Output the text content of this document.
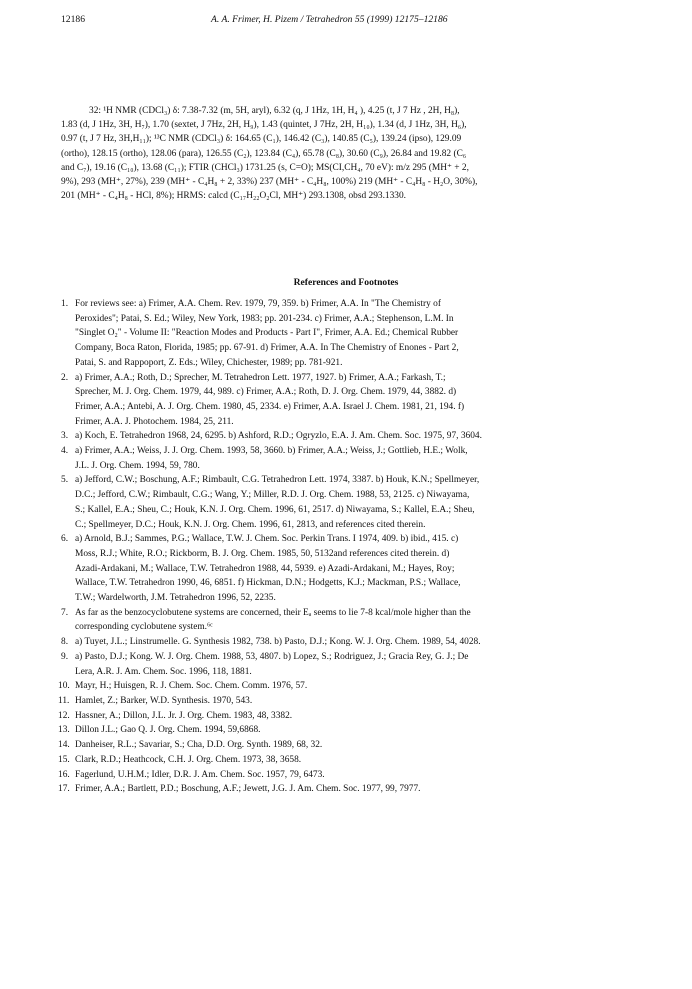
12186	A. A. Frimer, H. Pizem / Tetrahedron 55 (1999) 12175–12186
32: ¹H NMR (CDCl₃) δ: 7.38-7.32 (m, 5H, aryl), 6.32 (q, J 1Hz, 1H, H₄ ), 4.25 (t, J 7 Hz , 2H, H₈),
1.83 (d, J 1Hz, 3H, H₇), 1.70 (sextet, J 7Hz, 2H, H₉), 1.43 (quintet, J 7Hz, 2H, H₁₀), 1.34 (d, J 1Hz, 3H, H₆),
0.97 (t, J 7 Hz, 3H,H₁₁); ¹³C NMR (CDCl₃) δ: 164.65 (C₁), 146.42 (C₃), 140.85 (C₅), 139.24 (ipso), 129.09
(ortho), 128.15 (ortho), 128.06 (para), 126.55 (C₂), 123.84 (C₄), 65.78 (C₈), 30.60 (C₉), 26.84 and 19.82 (C₆
and C₇), 19.16 (C₁₀), 13.68 (C₁₁); FTIR (CHCl₃) 1731.25 (s, C=O); MS(CI,CH₄, 70 eV): m/z 295 (MH⁺ + 2,
9%), 293 (MH⁺, 27%), 239 (MH⁺ - C₄H₈ + 2, 33%) 237 (MH⁺ - C₄H₈, 100%) 219 (MH⁺ - C₄H₈ - H₂O, 30%),
201 (MH⁺ - C₄H₈ - HCl, 8%); HRMS: calcd (C₁₇H₂₂O₂Cl, MH⁺) 293.1308, obsd 293.1330.
References and Footnotes
1. For reviews see: a) Frimer, A.A. Chem. Rev. 1979, 79, 359. b) Frimer, A.A. In "The Chemistry of
Peroxides"; Patai, S. Ed.; Wiley, New York, 1983; pp. 201-234. c) Frimer, A.A.; Stephenson, L.M. In
"Singlet O₂" - Volume II: "Reaction Modes and Products - Part I", Frimer, A.A. Ed.; Chemical Rubber
Company, Boca Raton, Florida, 1985; pp. 67-91. d) Frimer, A.A. In The Chemistry of Enones - Part 2,
Patai, S. and Rappoport, Z. Eds.; Wiley, Chichester, 1989; pp. 781-921.
2. a) Frimer, A.A.; Roth, D.; Sprecher, M. Tetrahedron Lett. 1977, 1927. b) Frimer, A.A.; Farkash, T.;
Sprecher, M. J. Org. Chem. 1979, 44, 989. c) Frimer, A.A.; Roth, D. J. Org. Chem. 1979, 44, 3882. d)
Frimer, A.A.; Antebi, A. J. Org. Chem. 1980, 45, 2334. e) Frimer, A.A. Israel J. Chem. 1981, 21, 194. f)
Frimer, A.A. J. Photochem. 1984, 25, 211.
3. a) Koch, E. Tetrahedron 1968, 24, 6295. b) Ashford, R.D.; Ogryzlo, E.A. J. Am. Chem. Soc. 1975, 97, 3604.
4. a) Frimer, A.A.; Weiss, J. J. Org. Chem. 1993, 58, 3660. b) Frimer, A.A.; Weiss, J.; Gottlieb, H.E.; Wolk,
J.L. J. Org. Chem. 1994, 59, 780.
5. a) Jefford, C.W.; Boschung, A.F.; Rimbault, C.G. Tetrahedron Lett. 1974, 3387. b) Houk, K.N.; Spellmeyer,
D.C.; Jefford, C.W.; Rimbault, C.G.; Wang, Y.; Miller, R.D. J. Org. Chem. 1988, 53, 2125. c) Niwayama,
S.; Kallel, E.A.; Sheu, C.; Houk, K.N. J. Org. Chem. 1996, 61, 2517. d) Niwayama, S.; Kallel, E.A.; Sheu,
C.; Spellmeyer, D.C.; Houk, K.N. J. Org. Chem. 1996, 61, 2813, and references cited therein.
6. a) Arnold, B.J.; Sammes, P.G.; Wallace, T.W. J. Chem. Soc. Perkin Trans. I 1974, 409. b) ibid., 415. c)
Moss, R.J.; White, R.O.; Rickborm, B. J. Org. Chem. 1985, 50, 5132and references cited therein. d)
Azadi-Ardakani, M.; Wallace, T.W. Tetrahedron 1988, 44, 5939. e) Azadi-Ardakani, M.; Hayes, Roy;
Wallace, T.W. Tetrahedron 1990, 46, 6851. f) Hickman, D.N.; Hodgetts, K.J.; Mackman, P.S.; Wallace,
T.W.; Wardelworth, J.M. Tetrahedron 1996, 52, 2235.
7. As far as the benzocyclobutene systems are concerned, their Eₐ seems to lie 7-8 kcal/mole higher than the
corresponding cyclobutene system.⁶ᶜ
8. a) Tuyet, J.L.; Linstrumelle. G. Synthesis 1982, 738. b) Pasto, D.J.; Kong. W. J. Org. Chem. 1989, 54, 4028.
9. a) Pasto, D.J.; Kong. W. J. Org. Chem. 1988, 53, 4807. b) Lopez, S.; Rodriguez, J.; Gracia Rey, G. J.; De
Lera, A.R. J. Am. Chem. Soc. 1996, 118, 1881.
10. Mayr, H.; Huisgen, R. J. Chem. Soc. Chem. Comm. 1976, 57.
11. Hamlet, Z.; Barker, W.D. Synthesis. 1970, 543.
12. Hassner, A.; Dillon, J.L. Jr. J. Org. Chem. 1983, 48, 3382.
13. Dillon J.L.; Gao Q. J. Org. Chem. 1994, 59,6868.
14. Danheiser, R.L.; Savariar, S.; Cha, D.D. Org. Synth. 1989, 68, 32.
15. Clark, R.D.; Heathcock, C.H. J. Org. Chem. 1973, 38, 3658.
16. Fagerlund, U.H.M.; Idler, D.R. J. Am. Chem. Soc. 1957, 79, 6473.
17. Frimer, A.A.; Bartlett, P.D.; Boschung, A.F.; Jewett, J.G. J. Am. Chem. Soc. 1977, 99, 7977.
